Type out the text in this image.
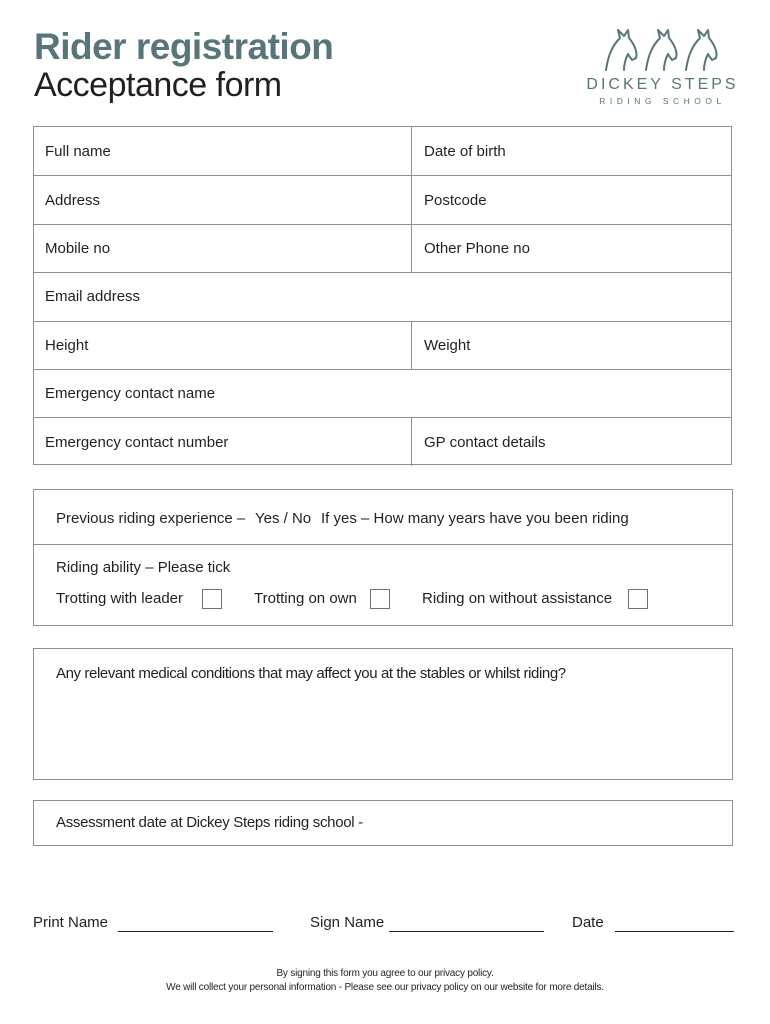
Rider registration
Acceptance form	DICKEY STEPS
RIDING SCHOOL
Full name	Date of birth
Address	Postcode
Mobile no	Other Phone no
Email address
Height	Weight
Emergency contact name
Emergency contact number	GP contact details
Previous riding experience – Yes / No If yes – How many years have you been riding
Riding ability – Please tick
Trotting with leader	Trotting on own	Riding on without assistance
Any relevant medical conditions that may affect you at the stables or whilst riding?
Assessment date at Dickey Steps riding school -
Print Name	Sign Name	Date
By signing this form you agree to our privacy policy.
We will collect your personal information - Please see our privacy policy on our website for more details.
